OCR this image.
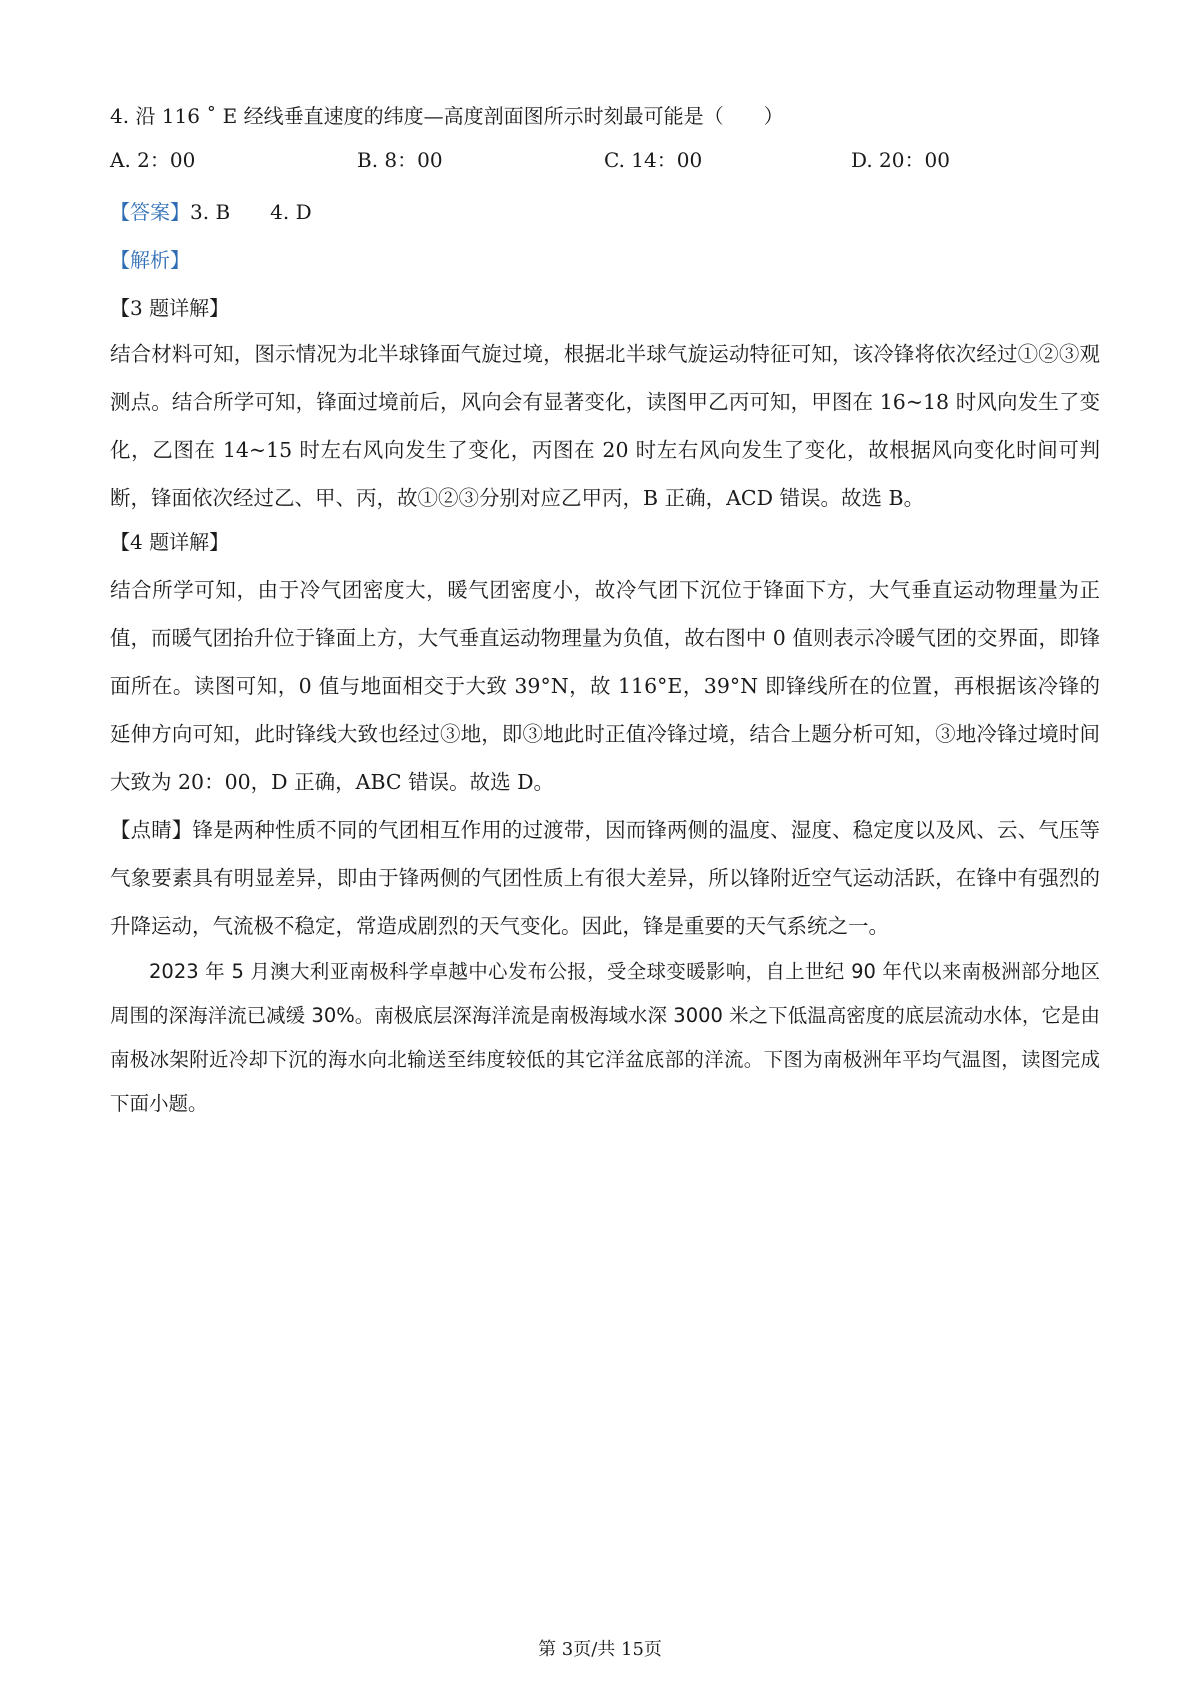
4. 沿 116 ˚ E 经线垂直速度的纬度—高度剖面图所示时刻最可能是（　　）
A. 2：00	B. 8：00	C. 14：00	D. 20：00
【答案】3. B　　4. D
【解析】
【3 题详解】
结合材料可知，图示情况为北半球锋面气旋过境，根据北半球气旋运动特征可知，该冷锋将依次经过①②③观测点。结合所学可知，锋面过境前后，风向会有显著变化，读图甲乙丙可知，甲图在 16~18 时风向发生了变化，乙图在 14~15 时左右风向发生了变化，丙图在 20 时左右风向发生了变化，故根据风向变化时间可判断，锋面依次经过乙、甲、丙，故①②③分别对应乙甲丙，B 正确，ACD 错误。故选 B。
【4 题详解】
结合所学可知，由于冷气团密度大，暖气团密度小，故冷气团下沉位于锋面下方，大气垂直运动物理量为正值，而暖气团抬升位于锋面上方，大气垂直运动物理量为负值，故右图中 0 值则表示冷暖气团的交界面，即锋面所在。读图可知，0 值与地面相交于大致 39°N，故 116°E，39°N 即锋线所在的位置，再根据该冷锋的延伸方向可知，此时锋线大致也经过③地，即③地此时正值冷锋过境，结合上题分析可知，③地冷锋过境时间大致为 20：00，D 正确，ABC 错误。故选 D。
【点睛】锋是两种性质不同的气团相互作用的过渡带，因而锋两侧的温度、湿度、稳定度以及风、云、气压等气象要素具有明显差异，即由于锋两侧的气团性质上有很大差异，所以锋附近空气运动活跃，在锋中有强烈的升降运动，气流极不稳定，常造成剧烈的天气变化。因此，锋是重要的天气系统之一。
2023 年 5 月澳大利亚南极科学卓越中心发布公报，受全球变暖影响，自上世纪 90 年代以来南极洲部分地区周围的深海洋流已减缓 30%。南极底层深海洋流是南极海域水深 3000 米之下低温高密度的底层流动水体，它是由南极冰架附近冷却下沉的海水向北输送至纬度较低的其它洋盆底部的洋流。下图为南极洲年平均气温图，读图完成下面小题。
第 3页/共 15页
